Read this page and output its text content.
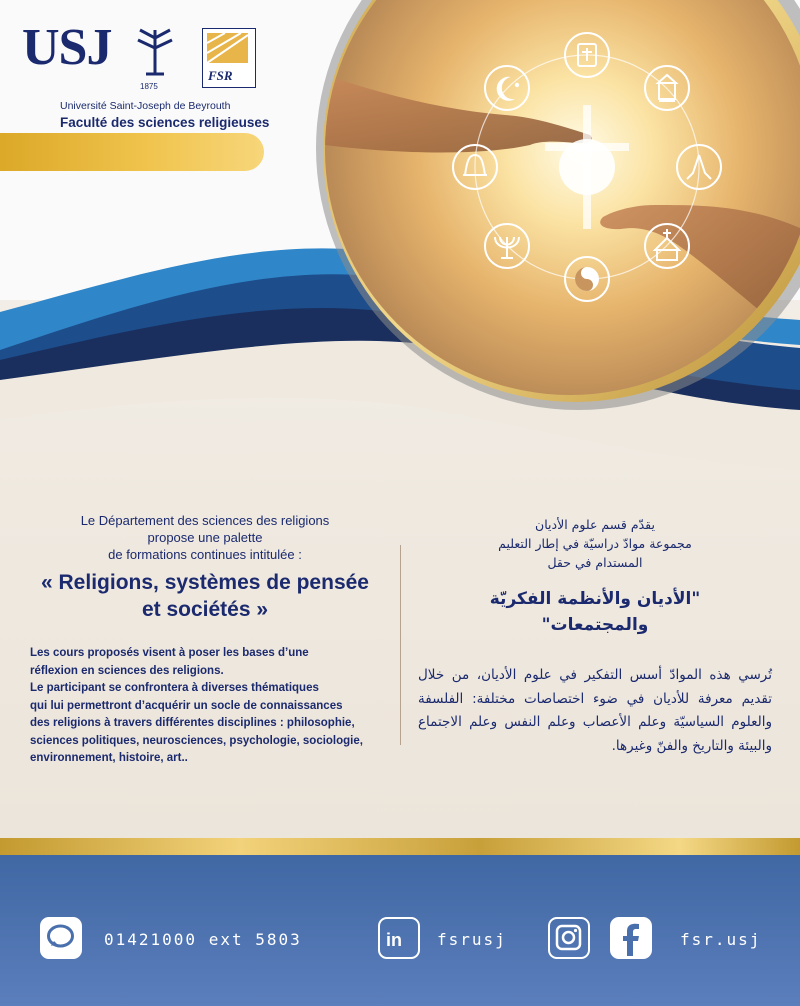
USJ
1875
FSR
Université Saint-Joseph de Beyrouth
Faculté des sciences religieuses
Le Département des sciences des religions
propose une palette
de formations continues intitulée :
« Religions, systèmes de pensée
et sociétés »
Les cours proposés visent à poser les bases d’une
réflexion en sciences des religions.
Le participant se confrontera à diverses thématiques
qui lui permettront d’acquérir un socle de connaissances
des religions à travers différentes disciplines : philosophie,
sciences politiques, neurosciences, psychologie, sociologie,
environnement, histoire, art..
يقدّم قسم علوم الأديان
مجموعة موادّ دراسيّة في إطار التعليم
المستدام في حقل
"الأديان والأنظمة الفكريّة
والمجتمعات"
تُرسي هذه الموادّ أسس التفكير في علوم الأديان، من خلال تقديم معرفة للأديان في ضوء اختصاصات مختلفة: الفلسفة والعلوم السياسيّة وعلم الأعصاب وعلم النفس وعلم الاجتماع والبيئة والتاريخ والفنّ وغيرها.
01421000 ext 5803	in fsrusj	fsr.usj
